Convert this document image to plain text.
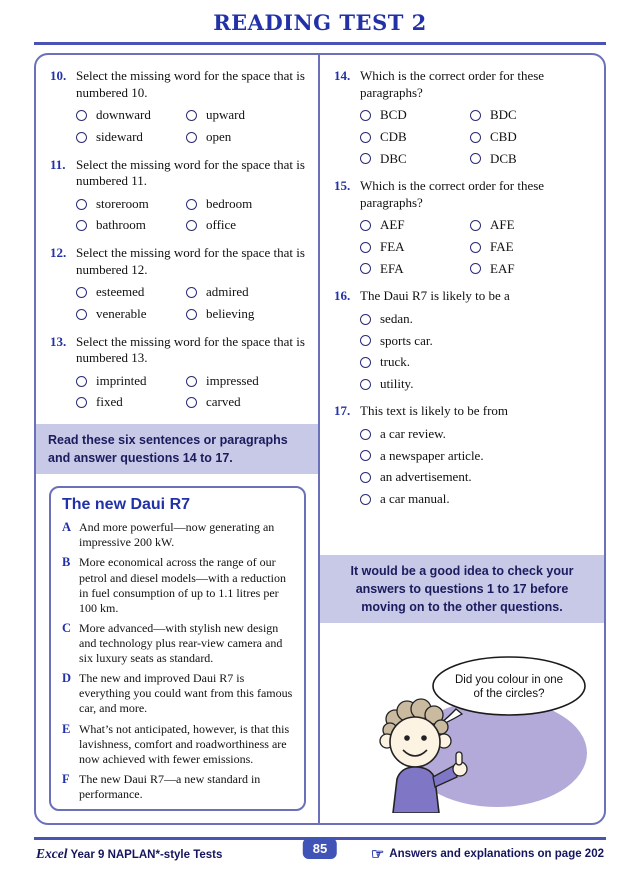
READING TEST 2
10. Select the missing word for the space that is numbered 10.
downward	upward
sideward	open
11. Select the missing word for the space that is numbered 11.
storeroom	bedroom
bathroom	office
12. Select the missing word for the space that is numbered 12.
esteemed	admired
venerable	believing
13. Select the missing word for the space that is numbered 13.
imprinted	impressed
fixed	carved
Read these six sentences or paragraphs and answer questions 14 to 17.
The new Daui R7
A And more powerful—now generating an impressive 200 kW.
B More economical across the range of our petrol and diesel models—with a reduction in fuel consumption of up to 1.1 litres per 100 km.
C More advanced—with stylish new design and technology plus rear-view camera and six luxury seats as standard.
D The new and improved Daui R7 is everything you could want from this famous car, and more.
E What’s not anticipated, however, is that this lavishness, comfort and roadworthiness are now achieved with fewer emissions.
F The new Daui R7—a new standard in performance.
14. Which is the correct order for these paragraphs?
BCD	BDC
CDB	CBD
DBC	DCB
15. Which is the correct order for these paragraphs?
AEF	AFE
FEA	FAE
EFA	EAF
16. The Daui R7 is likely to be a
sedan.
sports car.
truck.
utility.
17. This text is likely to be from
a car review.
a newspaper article.
an advertisement.
a car manual.
It would be a good idea to check your answers to questions 1 to 17 before moving on to the other questions.
Did you colour in one
of the circles?
Excel Year 9 NAPLAN*-style Tests	☞ Answers and explanations on page 202
85
